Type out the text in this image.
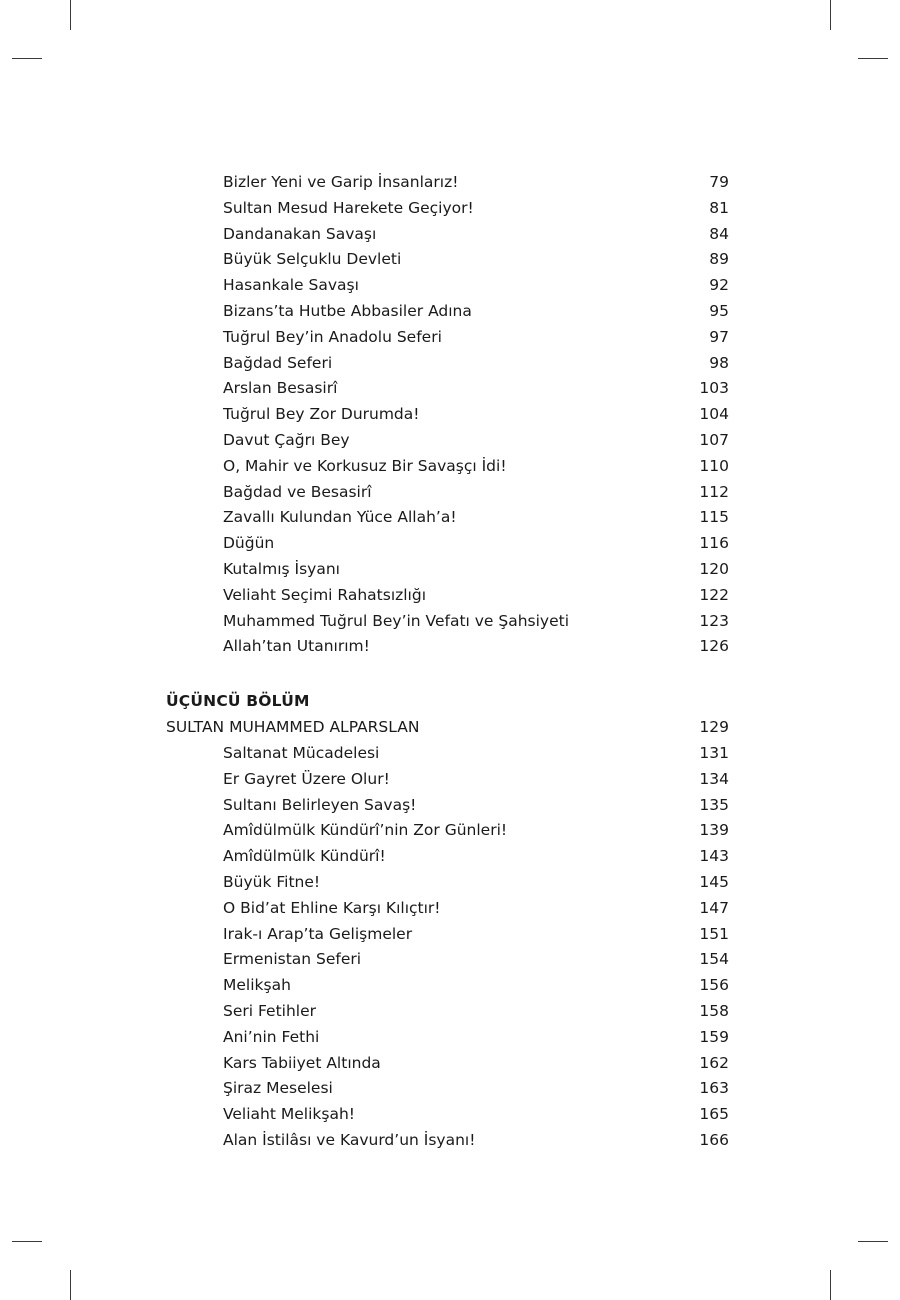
Bizler Yeni ve Garip İnsanlarız!	79
Sultan Mesud Harekete Geçiyor!	81
Dandanakan Savaşı	84
Büyük Selçuklu Devleti	89
Hasankale Savaşı	92
Bizans’ta Hutbe Abbasiler Adına	95
Tuğrul Bey’in Anadolu Seferi	97
Bağdad Seferi	98
Arslan Besasirî	103
Tuğrul Bey Zor Durumda!	104
Davut Çağrı Bey	107
O, Mahir ve Korkusuz Bir Savaşçı İdi!	110
Bağdad ve Besasirî	112
Zavallı Kulundan Yüce Allah’a!	115
Düğün	116
Kutalmış İsyanı	120
Veliaht Seçimi Rahatsızlığı	122
Muhammed Tuğrul Bey’in Vefatı ve Şahsiyeti	123
Allah’tan Utanırım!	126
ÜÇÜNCÜ BÖLÜM
SULTAN MUHAMMED ALPARSLAN	129
Saltanat Mücadelesi	131
Er Gayret Üzere Olur!	134
Sultanı Belirleyen Savaş!	135
Amîdülmülk Kündürî’nin Zor Günleri!	139
Amîdülmülk Kündürî!	143
Büyük Fitne!	145
O Bid’at Ehline Karşı Kılıçtır!	147
Irak-ı Arap’ta Gelişmeler	151
Ermenistan Seferi	154
Melikşah	156
Seri Fetihler	158
Ani’nin Fethi	159
Kars Tabiiyet Altında	162
Şiraz Meselesi	163
Veliaht Melikşah!	165
Alan İstilâsı ve Kavurd’un İsyanı!	166
